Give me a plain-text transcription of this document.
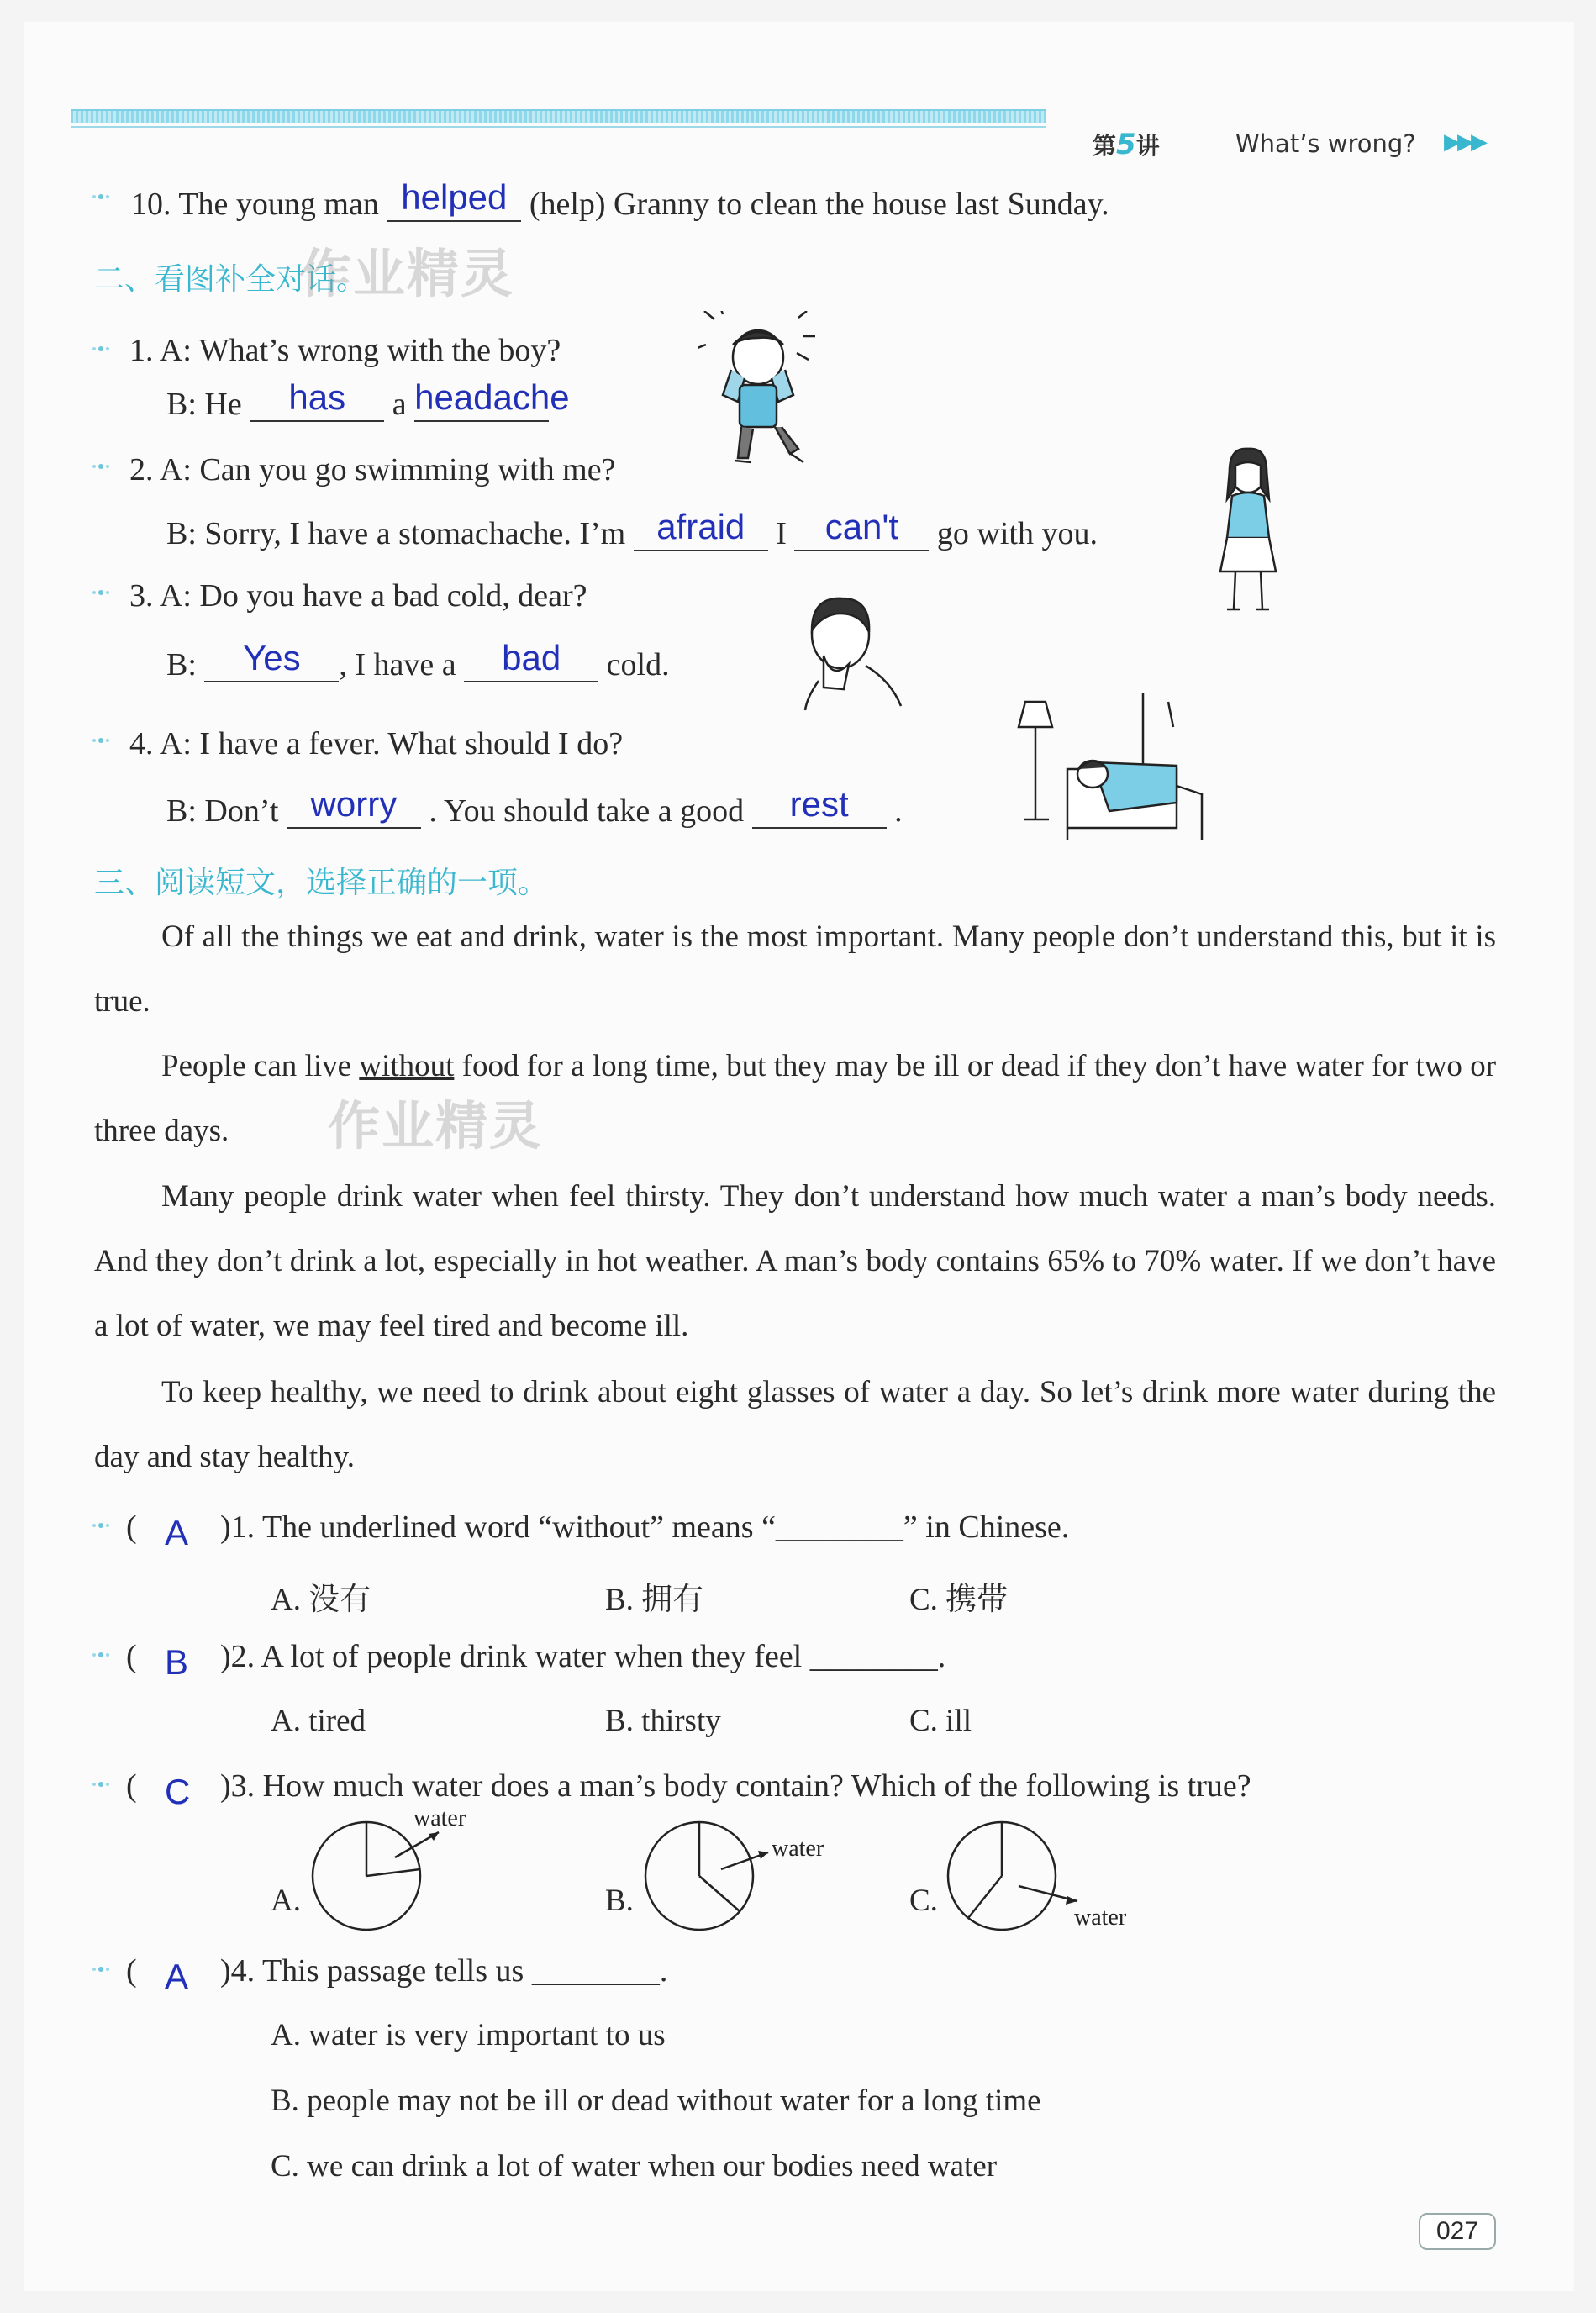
第5讲	What’s wrong? ▶▶▶
10. The young man helped (help) Granny to clean the house last Sunday.
二、看图补全对话。
作业精灵
1. A: What’s wrong with the boy?
B: He has a headache
2. A: Can you go swimming with me?
B: Sorry, I have a stomachache. I’m afraid I can't go with you.
3. A: Do you have a bad cold, dear?
B: Yes , I have a bad cold.
4. A: I have a fever. What should I do?
B: Don’t worry . You should take a good rest .
三、阅读短文，选择正确的一项。
Of all the things we eat and drink, water is the most important. Many people don’t understand this, but it is true.
People can live without food for a long time, but they may be ill or dead if they don’t have water for two or three days.	作业精灵
Many people drink water when feel thirsty. They don’t understand how much water a man’s body needs. And they don’t drink a lot, especially in hot weather. A man’s body contains 65% to 70% water. If we don’t have a lot of water, we may feel tired and become ill.
To keep healthy, we need to drink about eight glasses of water a day. So let’s drink more water during the day and stay healthy.
( A )1. The underlined word “without” means “________” in Chinese.
A. 没有	B. 拥有	C. 携带
( B )2. A lot of people drink water when they feel ________.
A. tired	B. thirsty	C. ill
( C )3. How much water does a man’s body contain? Which of the following is true?
A.
water
B.
water
C.	water
( A )4. This passage tells us ________.
A. water is very important to us
B. people may not be ill or dead without water for a long time
C. we can drink a lot of water when our bodies need water
027
